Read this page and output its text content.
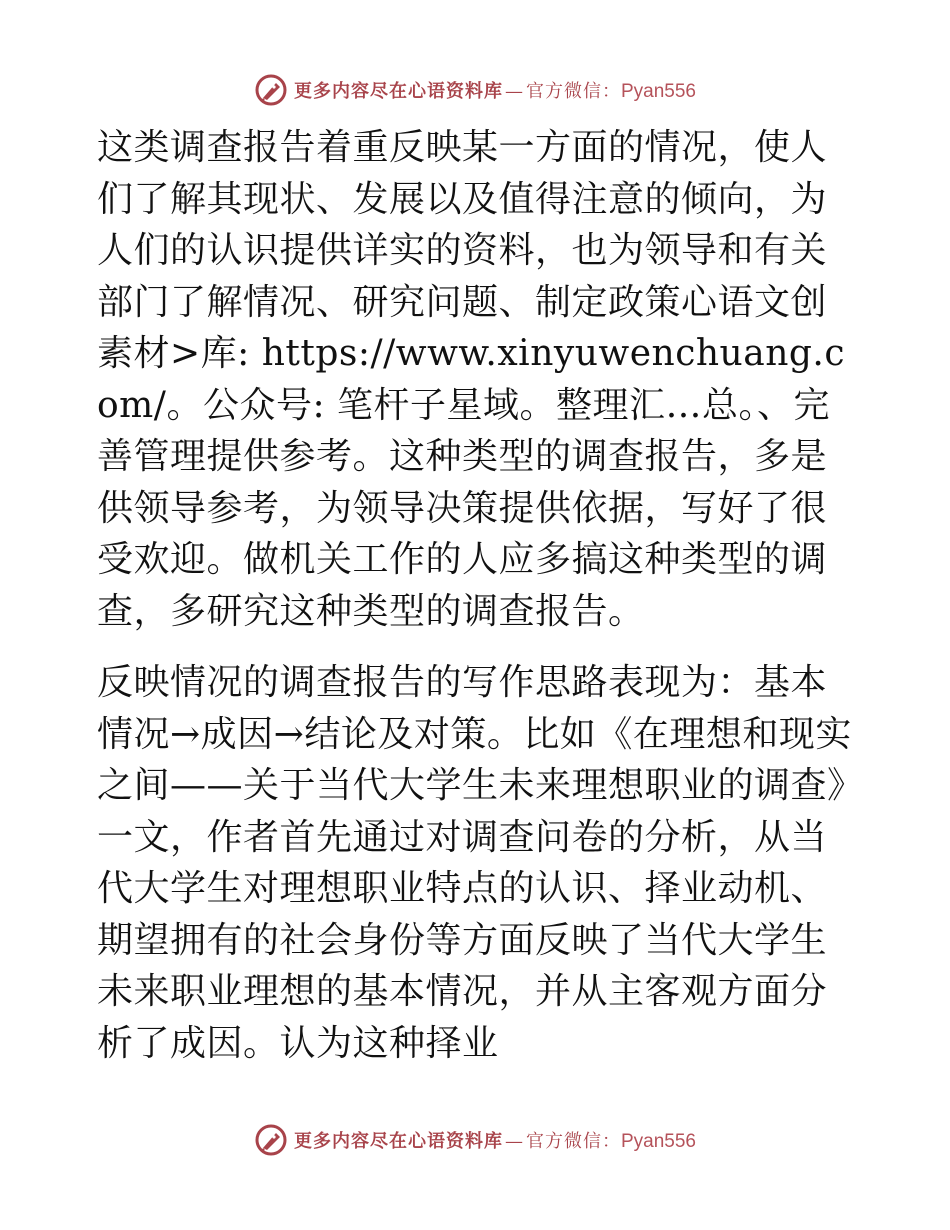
更多内容尽在心语资料库 — 官方微信： Pyan556

这类调查报告着重反映某一方面的情况，使人们了解其现状、发展以及值得注意的倾向，为人们的认识提供详实的资料，也为领导和有关部门了解情况、研究问题、制定政策心语文创素材>库: https://www.xinyuwenchuang.com/。公众号: 笔杆子星域。整理汇…总。、完善管理提供参考。这种类型的调查报告，多是供领导参考，为领导决策提供依据，写好了很受欢迎。做机关工作的人应多搞这种类型的调查，多研究这种类型的调查报告。

反映情况的调查报告的写作思路表现为：基本情况→成因→结论及对策。比如《在理想和现实之间——关于当代大学生未来理想职业的调查》一文，作者首先通过对调查问卷的分析，从当代大学生对理想职业特点的认识、择业动机、期望拥有的社会身份等方面反映了当代大学生未来职业理想的基本情况，并从主客观方面分析了成因。认为这种择业

更多内容尽在心语资料库 — 官方微信： Pyan556
